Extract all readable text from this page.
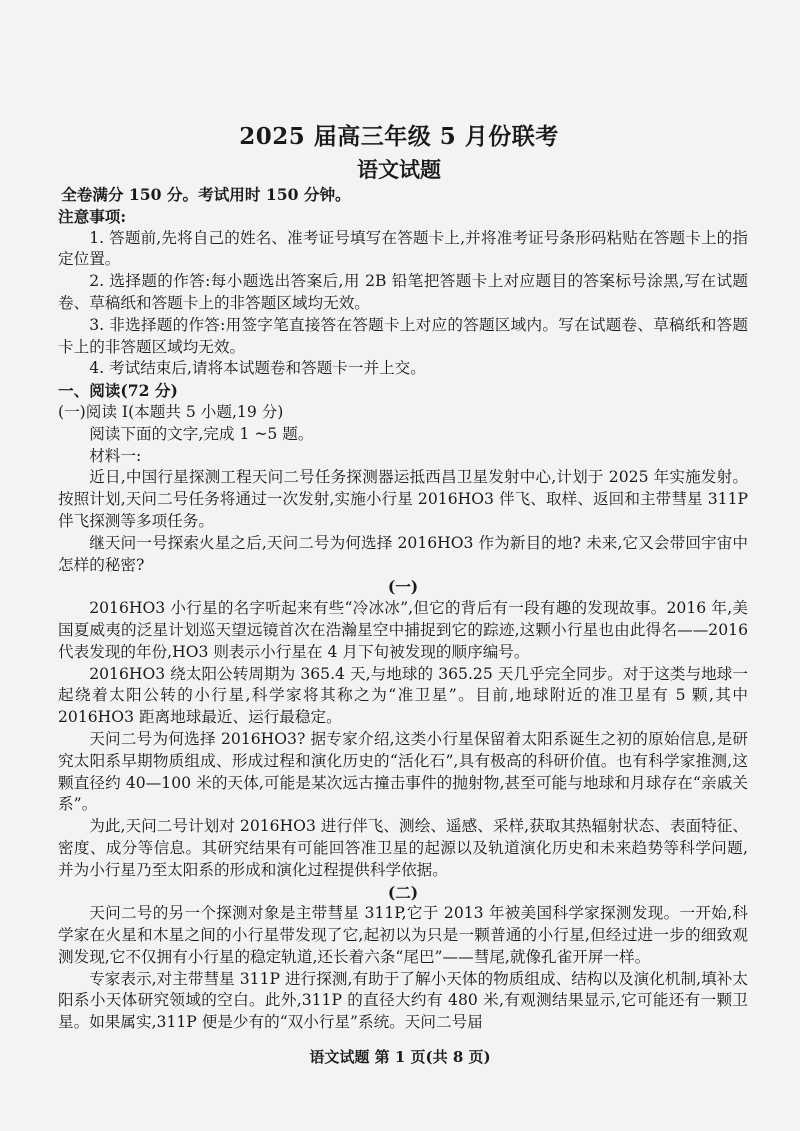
2025 届高三年级 5 月份联考
语文试题

全卷满分 150 分。考试用时 150 分钟。

注意事项:

1. 答题前,先将自己的姓名、准考证号填写在答题卡上,并将准考证号条形码粘贴在答题卡上的指定位置。

2. 选择题的作答:每小题选出答案后,用 2B 铅笔把答题卡上对应题目的答案标号涂黑,写在试题卷、草稿纸和答题卡上的非答题区域均无效。

3. 非选择题的作答:用签字笔直接答在答题卡上对应的答题区域内。写在试题卷、草稿纸和答题卡上的非答题区域均无效。

4. 考试结束后,请将本试题卷和答题卡一并上交。

一、阅读(72 分)

(一)阅读 I(本题共 5 小题,19 分)

阅读下面的文字,完成 1 ~5 题。

材料一:

近日,中国行星探测工程天问二号任务探测器运抵西昌卫星发射中心,计划于 2025 年实施发射。按照计划,天问二号任务将通过一次发射,实施小行星 2016HO3 伴飞、取样、返回和主带彗星 311P 伴飞探测等多项任务。

继天问一号探索火星之后,天问二号为何选择 2016HO3 作为新目的地? 未来,它又会带回宇宙中怎样的秘密?

(一)

2016HO3 小行星的名字听起来有些“冷冰冰”,但它的背后有一段有趣的发现故事。2016 年,美国夏威夷的泛星计划巡天望远镜首次在浩瀚星空中捕捉到它的踪迹,这颗小行星也由此得名——2016 代表发现的年份,HO3 则表示小行星在 4 月下旬被发现的顺序编号。

2016HO3 绕太阳公转周期为 365.4 天,与地球的 365.25 天几乎完全同步。对于这类与地球一起绕着太阳公转的小行星,科学家将其称之为“准卫星”。目前,地球附近的准卫星有 5 颗,其中 2016HO3 距离地球最近、运行最稳定。

天问二号为何选择 2016HO3? 据专家介绍,这类小行星保留着太阳系诞生之初的原始信息,是研究太阳系早期物质组成、形成过程和演化历史的“活化石”,具有极高的科研价值。也有科学家推测,这颗直径约 40—100 米的天体,可能是某次远古撞击事件的抛射物,甚至可能与地球和月球存在“亲戚关系”。

为此,天问二号计划对 2016HO3 进行伴飞、测绘、遥感、采样,获取其热辐射状态、表面特征、密度、成分等信息。其研究结果有可能回答准卫星的起源以及轨道演化历史和未来趋势等科学问题,并为小行星乃至太阳系的形成和演化过程提供科学依据。

(二)

天问二号的另一个探测对象是主带彗星 311P,它于 2013 年被美国科学家探测发现。一开始,科学家在火星和木星之间的小行星带发现了它,起初以为只是一颗普通的小行星,但经过进一步的细致观测发现,它不仅拥有小行星的稳定轨道,还长着六条“尾巴”——彗尾,就像孔雀开屏一样。

专家表示,对主带彗星 311P 进行探测,有助于了解小天体的物质组成、结构以及演化机制,填补太阳系小天体研究领域的空白。此外,311P 的直径大约有 480 米,有观测结果显示,它可能还有一颗卫星。如果属实,311P 便是少有的“双小行星”系统。天问二号届

语文试题 第 1 页(共 8 页)
